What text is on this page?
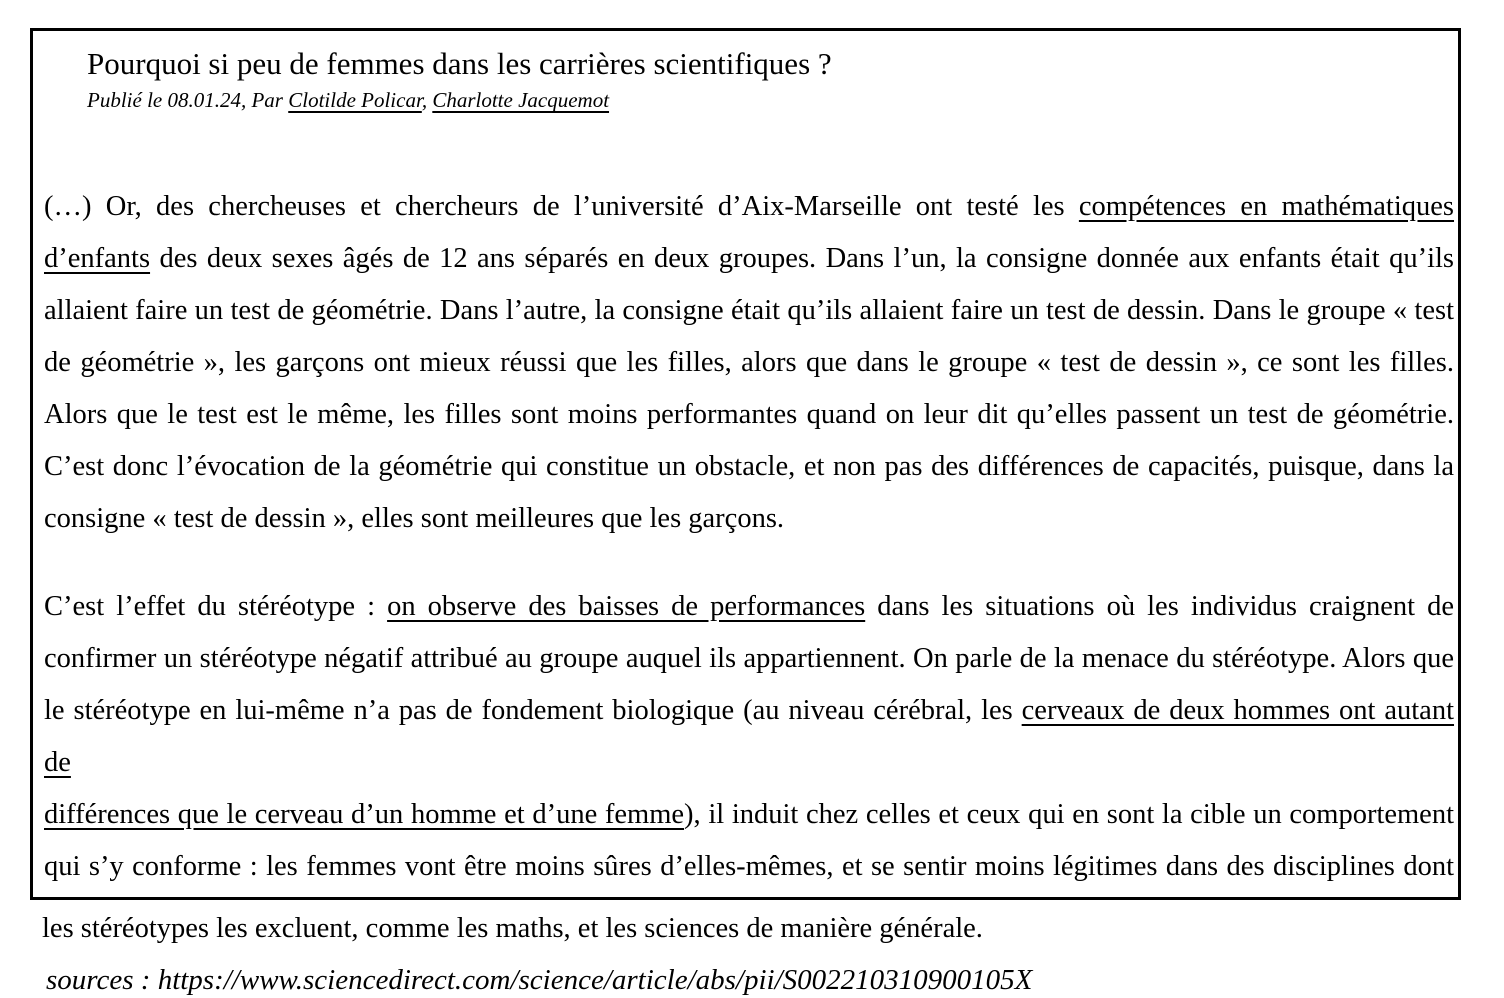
Pourquoi si peu de femmes dans les carrières scientifiques ?
Publié le 08.01.24, Par Clotilde Policar, Charlotte Jacquemot
(…) Or, des chercheuses et chercheurs de l’université d’Aix-Marseille ont testé les compétences en mathématiques
d’enfants des deux sexes âgés de 12 ans séparés en deux groupes. Dans l’un, la consigne donnée aux enfants était qu’ils
allaient faire un test de géométrie. Dans l’autre, la consigne était qu’ils allaient faire un test de dessin. Dans le groupe « test
de géométrie », les garçons ont mieux réussi que les filles, alors que dans le groupe « test de dessin », ce sont les filles.
Alors que le test est le même, les filles sont moins performantes quand on leur dit qu’elles passent un test de géométrie.
C’est donc l’évocation de la géométrie qui constitue un obstacle, et non pas des différences de capacités, puisque, dans la
consigne « test de dessin », elles sont meilleures que les garçons.
C’est l’effet du stéréotype : on observe des baisses de performances dans les situations où les individus craignent de
confirmer un stéréotype négatif attribué au groupe auquel ils appartiennent. On parle de la menace du stéréotype. Alors que
le stéréotype en lui-même n’a pas de fondement biologique (au niveau cérébral, les cerveaux de deux hommes ont autant de
différences que le cerveau d’un homme et d’une femme), il induit chez celles et ceux qui en sont la cible un comportement
qui s’y conforme : les femmes vont être moins sûres d’elles-mêmes, et se sentir moins légitimes dans des disciplines dont
les stéréotypes les excluent, comme les maths, et les sciences de manière générale.
sources : https://www.sciencedirect.com/science/article/abs/pii/S002210310900105X
